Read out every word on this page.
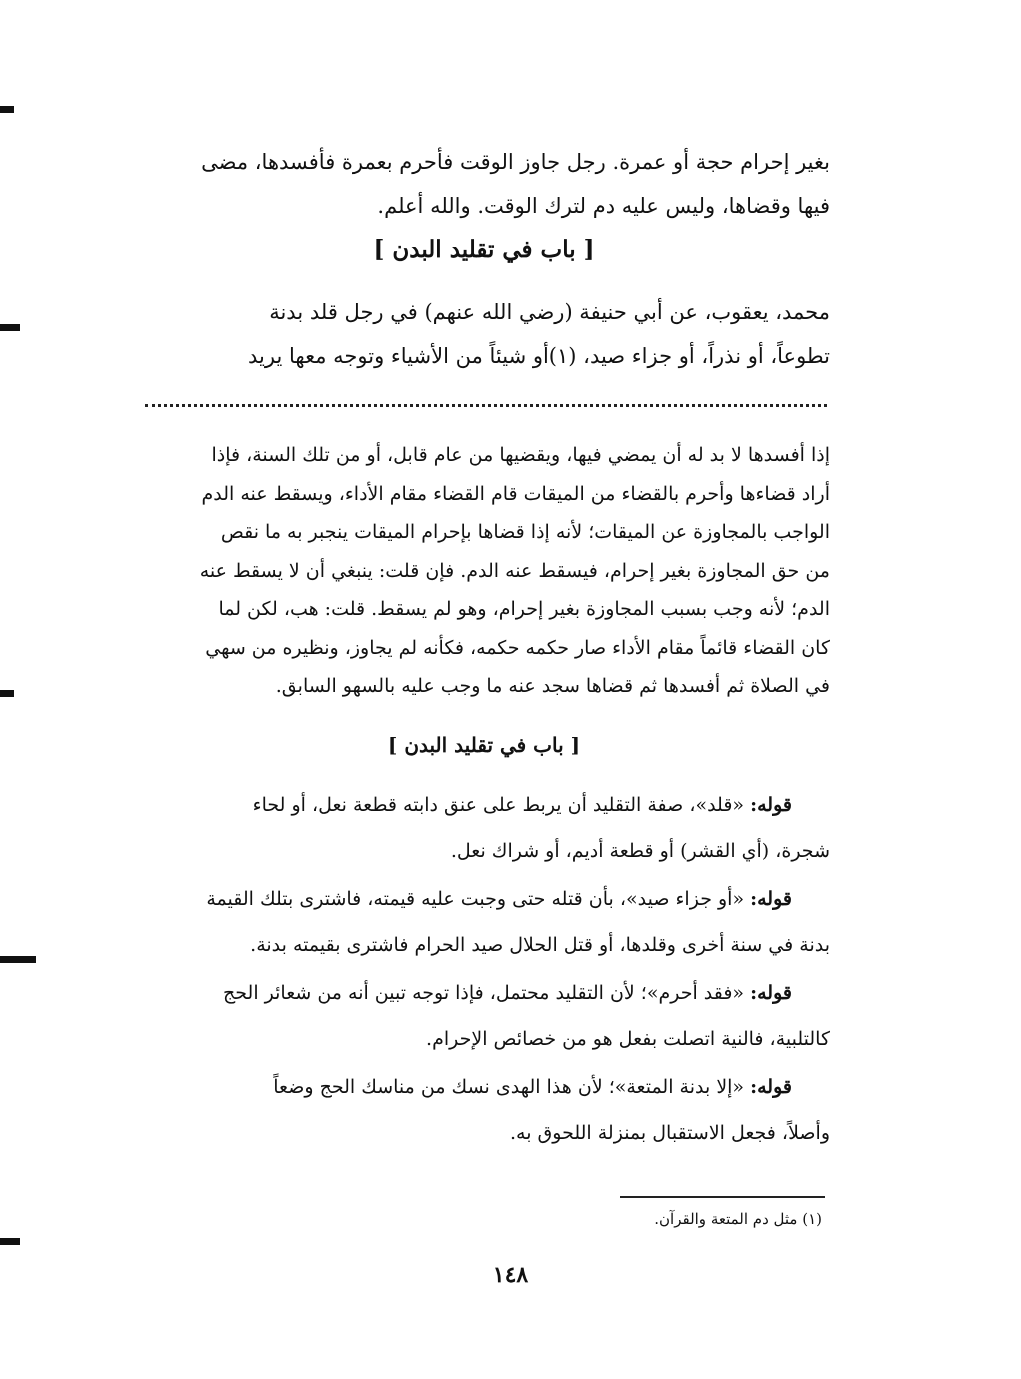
بغير إحرام حجة أو عمرة. رجل جاوز الوقت فأحرم بعمرة فأفسدها، مضى
فيها وقضاها، وليس عليه دم لترك الوقت. والله أعلم.
[ باب في تقليد البدن ]
محمد، يعقوب، عن أبي حنيفة (رضي الله عنهم) في رجل قلد بدنة
تطوعاً، أو نذراً، أو جزاء صيد، (١)أو شيئاً من الأشياء وتوجه معها يريد
إذا أفسدها لا بد له أن يمضي فيها، ويقضيها من عام قابل، أو من تلك السنة، فإذا
أراد قضاءها وأحرم بالقضاء من الميقات قام القضاء مقام الأداء، ويسقط عنه الدم
الواجب بالمجاوزة عن الميقات؛ لأنه إذا قضاها بإحرام الميقات ينجبر به ما نقص
من حق المجاوزة بغير إحرام، فيسقط عنه الدم. فإن قلت: ينبغي أن لا يسقط عنه
الدم؛ لأنه وجب بسبب المجاوزة بغير إحرام، وهو لم يسقط. قلت: هب، لكن لما
كان القضاء قائماً مقام الأداء صار حكمه حكمه، فكأنه لم يجاوز، ونظيره من سهي
في الصلاة ثم أفسدها ثم قضاها سجد عنه ما وجب عليه بالسهو السابق.
[ باب في تقليد البدن ]
  قوله: «قلد»، صفة التقليد أن يربط على عنق دابته قطعة نعل، أو لحاء
شجرة، (أي القشر) أو قطعة أديم، أو شراك نعل.
  قوله: «أو جزاء صيد»، بأن قتله حتى وجبت عليه قيمته، فاشترى بتلك القيمة
بدنة في سنة أخرى وقلدها، أو قتل الحلال صيد الحرام فاشترى بقيمته بدنة.
  قوله: «فقد أحرم»؛ لأن التقليد محتمل، فإذا توجه تبين أنه من شعائر الحج
كالتلبية، فالنية اتصلت بفعل هو من خصائص الإحرام.
  قوله: «إلا بدنة المتعة»؛ لأن هذا الهدى نسك من مناسك الحج وضعاً
وأصلاً، فجعل الاستقبال بمنزلة اللحوق به.
(١) مثل دم المتعة والقرآن.
١٤٨
